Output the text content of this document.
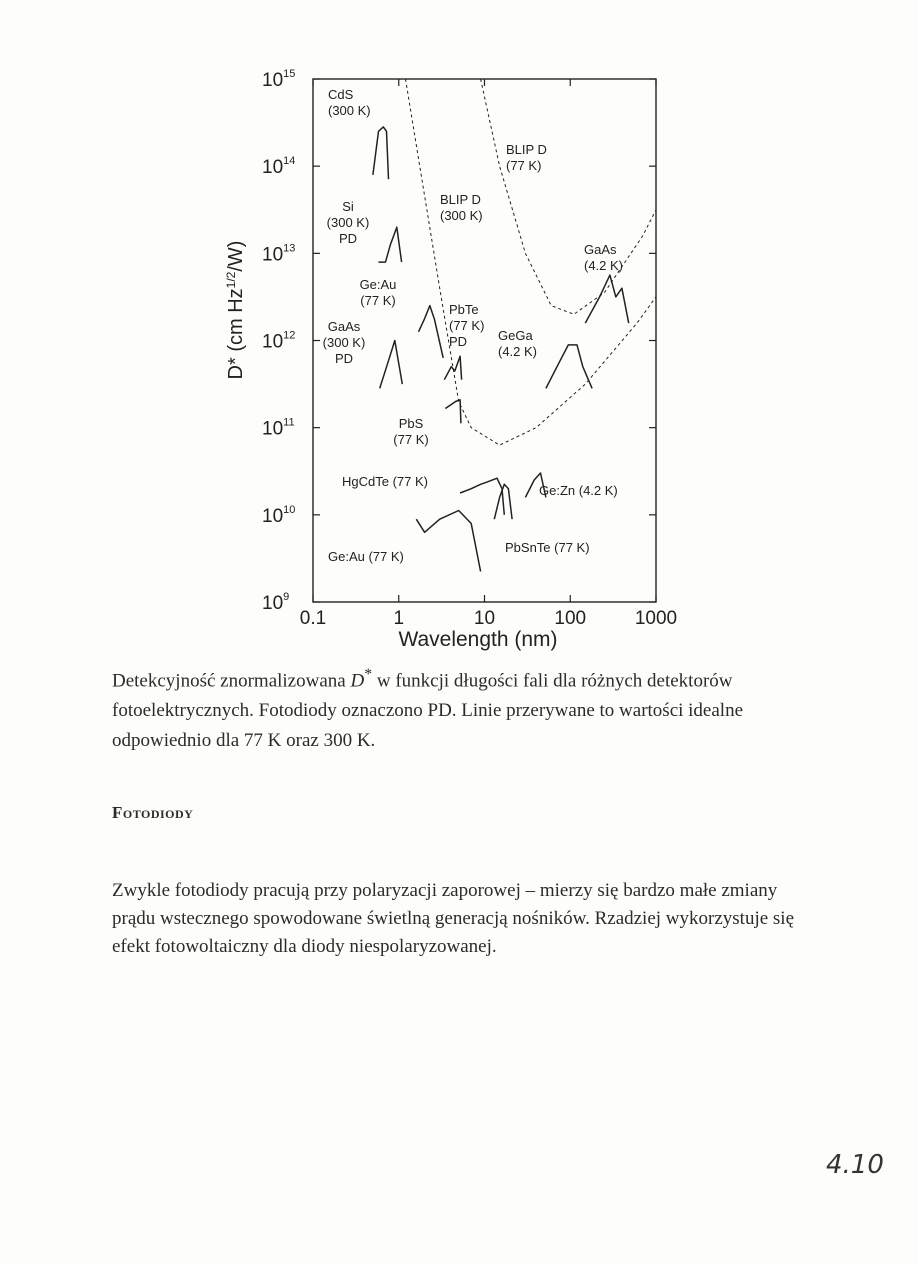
0.1	1	10	100	1000
$10^9$
$10^{10}$
$10^{11}$
$10^{12}$
$10^{13}$
$10^{14}$
$10^{15}$
CdS (300 K)
BLIP D (77 K)
Si (300 K) PD
BLIP D (300 K)
GaAs (4.2 K)
Ge:Au (77 K)
PbTe (77 K) PD	GeGa (4.2 K)
GaAs (300 K) PD
PbS (77 K)
HgCdTe (77 K)
Ge:Zn (4.2 K)
PbSnTe (77 K)
Ge:Au (77 K)
Wavelength (nm)
D* (cm $Hz^{1/2}/W$)

Detekcyjność znormalizowana D* w funkcji długości fali dla różnych detektorów fotoelektrycznych. Fotodiody oznaczono PD. Linie przerywane to wartości idealne odpowiednio dla 77 K oraz 300 K.

Fotodiody

Zwykle fotodiody pracują przy polaryzacji zaporowej – mierzy się bardzo małe zmiany prądu wstecznego spowodowane świetlną generacją nośników. Rzadziej wykorzystuje się efekt fotowoltaiczny dla diody niespolaryzowanej.

4.10
